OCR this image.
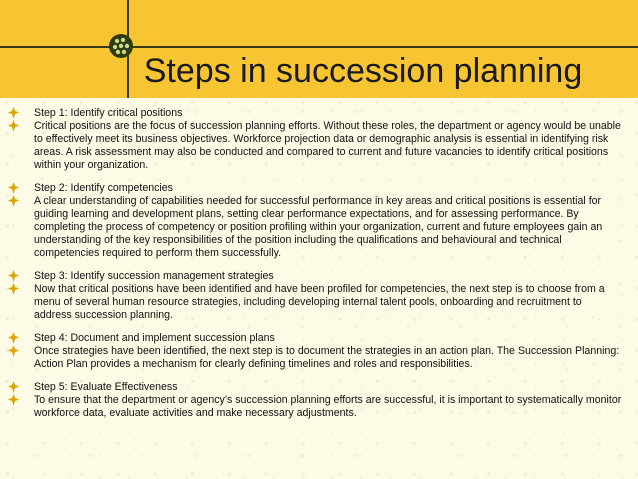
Steps in succession planning
Step 1: Identify critical positions
Critical positions are the focus of succession planning efforts. Without these roles, the department or agency would be unable to effectively meet its business objectives. Workforce projection data or demographic analysis is essential in identifying risk areas. A risk assessment may also be conducted and compared to current and future vacancies to identify critical positions within your organization.
Step 2: Identify competencies
A clear understanding of capabilities needed for successful performance in key areas and critical positions is essential for guiding learning and development plans, setting clear performance expectations, and for assessing performance. By completing the process of competency or position profiling within your organization, current and future employees gain an understanding of the key responsibilities of the position including the qualifications and behavioural and technical competencies required to perform them successfully.
Step 3: Identify succession management strategies
Now that critical positions have been identified and have been profiled for competencies, the next step is to choose from a menu of several human resource strategies, including developing internal talent pools, onboarding and recruitment to address succession planning.
Step 4: Document and implement succession plans
Once strategies have been identified, the next step is to document the strategies in an action plan. The Succession Planning: Action Plan provides a mechanism for clearly defining timelines and roles and responsibilities.
Step 5: Evaluate Effectiveness
To ensure that the department or agency’s succession planning efforts are successful, it is important to systematically monitor workforce data, evaluate activities and make necessary adjustments.
